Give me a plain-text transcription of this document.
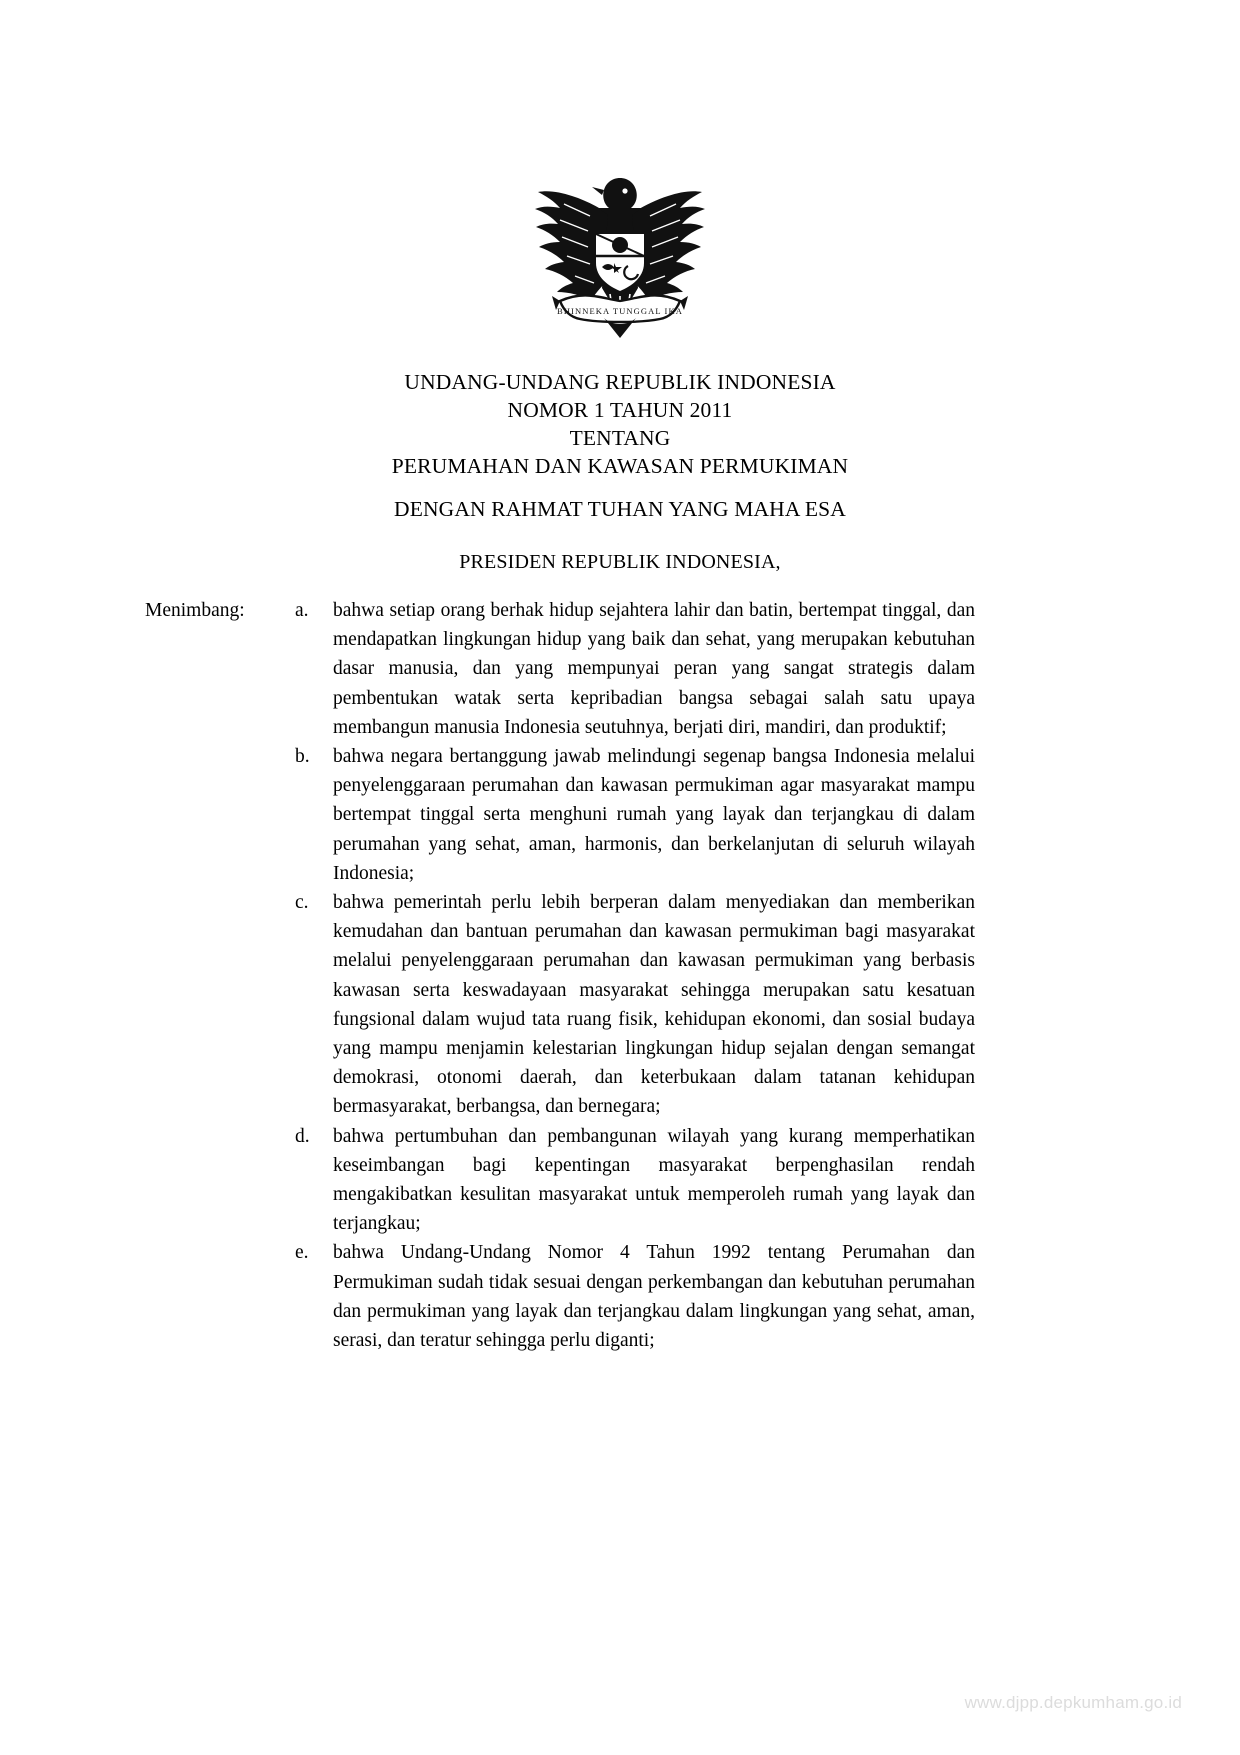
BHINNEKA TUNGGAL IKA
UNDANG-UNDANG REPUBLIK INDONESIA
NOMOR 1 TAHUN 2011
TENTANG
PERUMAHAN DAN KAWASAN PERMUKIMAN
DENGAN RAHMAT TUHAN YANG MAHA ESA
PRESIDEN REPUBLIK INDONESIA,
Menimbang:	a.	bahwa setiap orang berhak hidup sejahtera lahir dan batin, bertempat tinggal, dan mendapatkan lingkungan hidup yang baik dan sehat, yang merupakan kebutuhan dasar manusia, dan yang mempunyai peran yang sangat strategis dalam pembentukan watak serta kepribadian bangsa sebagai salah satu upaya membangun manusia Indonesia seutuhnya, berjati diri, mandiri, dan produktif;
b.	bahwa negara bertanggung jawab melindungi segenap bangsa Indonesia melalui penyelenggaraan perumahan dan kawasan permukiman agar masyarakat mampu bertempat tinggal serta menghuni rumah yang layak dan terjangkau di dalam perumahan yang sehat, aman, harmonis, dan berkelanjutan di seluruh wilayah Indonesia;
c.	bahwa pemerintah perlu lebih berperan dalam menyediakan dan memberikan kemudahan dan bantuan perumahan dan kawasan permukiman bagi masyarakat melalui penyelenggaraan perumahan dan kawasan permukiman yang berbasis kawasan serta keswadayaan masyarakat sehingga merupakan satu kesatuan fungsional dalam wujud tata ruang fisik, kehidupan ekonomi, dan sosial budaya yang mampu menjamin kelestarian lingkungan hidup sejalan dengan semangat demokrasi, otonomi daerah, dan keterbukaan dalam tatanan kehidupan bermasyarakat, berbangsa, dan bernegara;
d.	bahwa pertumbuhan dan pembangunan wilayah yang kurang memperhatikan keseimbangan bagi kepentingan masyarakat berpenghasilan rendah mengakibatkan kesulitan masyarakat untuk memperoleh rumah yang layak dan terjangkau;
e.	bahwa Undang-Undang Nomor 4 Tahun 1992 tentang Perumahan dan Permukiman sudah tidak sesuai dengan perkembangan dan kebutuhan perumahan dan permukiman yang layak dan terjangkau dalam lingkungan yang sehat, aman, serasi, dan teratur sehingga perlu diganti;
www.djpp.depkumham.go.id
